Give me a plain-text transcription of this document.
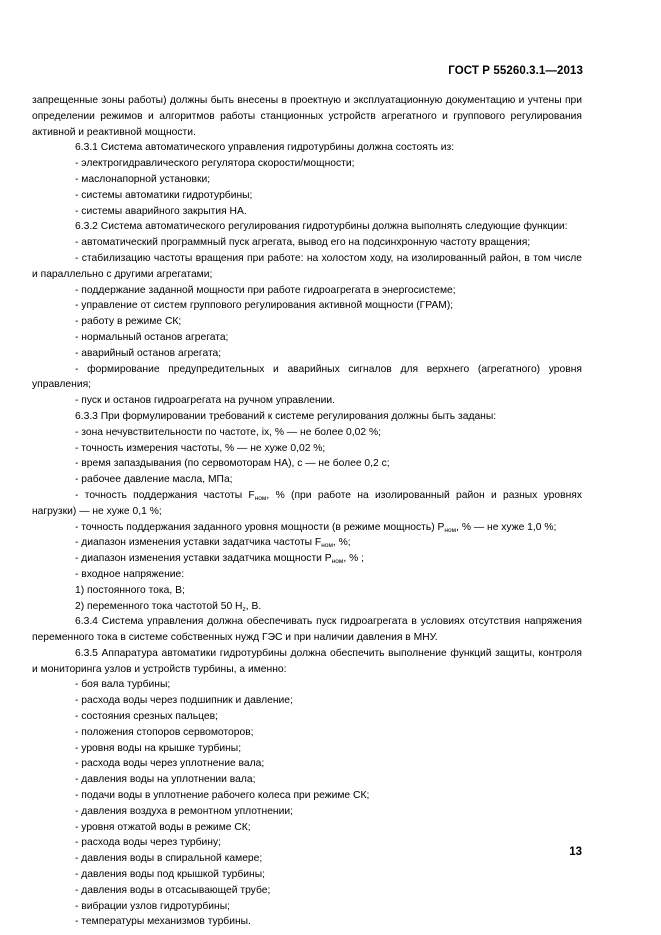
ГОСТ Р 55260.3.1—2013
запрещенные зоны работы) должны быть внесены в проектную и эксплуатационную документацию и учтены при определении режимов и алгоритмов работы станционных устройств агрегатного и группового регулирования активной и реактивной мощности.
6.3.1 Система автоматического управления гидротурбины должна состоять из:
- электрогидравлического регулятора скорости/мощности;
- маслонапорной установки;
- системы автоматики гидротурбины;
- системы аварийного закрытия НА.
6.3.2 Система автоматического регулирования гидротурбины должна выполнять следующие функции:
- автоматический программный пуск агрегата, вывод его на подсинхронную частоту вращения;
- стабилизацию частоты вращения при работе: на холостом ходу, на изолированный район, в том числе и параллельно с другими агрегатами;
- поддержание заданной мощности при работе гидроагрегата в энергосистеме;
- управление от систем группового регулирования активной мощности (ГРАМ);
- работу в режиме СК;
- нормальный останов агрегата;
- аварийный останов агрегата;
- формирование предупредительных и аварийных сигналов для верхнего (агрегатного) уровня управления;
- пуск и останов гидроагрегата на ручном управлении.
6.3.3 При формулировании требований к системе регулирования должны быть заданы:
- зона нечувствительности по частоте, ix, % — не более 0,02 %;
- точность измерения частоты, % — не хуже 0,02 %;
- время запаздывания (по сервомоторам НА), с — не более 0,2 с;
- рабочее давление масла, МПа;
- точность поддержания частоты $F_{ном}$, % (при работе на изолированный район и разных уровнях нагрузки) — не хуже 0,1 %;
- точность поддержания заданного уровня мощности (в режиме мощность) $P_{ном}$, % — не хуже 1,0 %;
- диапазон изменения уставки задатчика частоты $F_{ном}$, %;
- диапазон изменения уставки задатчика мощности $P_{ном}$, % ;
- входное напряжение:
1) постоянного тока, В;
2) переменного тока частотой 50 $H_z$, В.
6.3.4 Система управления должна обеспечивать пуск гидроагрегата в условиях отсутствия напряжения переменного тока в системе собственных нужд ГЭС и при наличии давления в МНУ.
6.3.5 Аппаратура автоматики гидротурбины должна обеспечить выполнение функций защиты, контроля и мониторинга узлов и устройств турбины, а именно:
- боя вала турбины;
- расхода воды через подшипник и давление;
- состояния срезных пальцев;
- положения стопоров сервомоторов;
- уровня воды на крышке турбины;
- расхода воды через уплотнение вала;
- давления воды на уплотнении вала;
- подачи воды в уплотнение рабочего колеса при режиме СК;
- давления воздуха в ремонтном уплотнении;
- уровня отжатой воды в режиме СК;
- расхода воды через турбину;
- давления воды в спиральной камере;
- давления воды под крышкой турбины;
- давления воды в отсасывающей трубе;
- вибрации узлов гидротурбины;
- температуры механизмов турбины.
13
